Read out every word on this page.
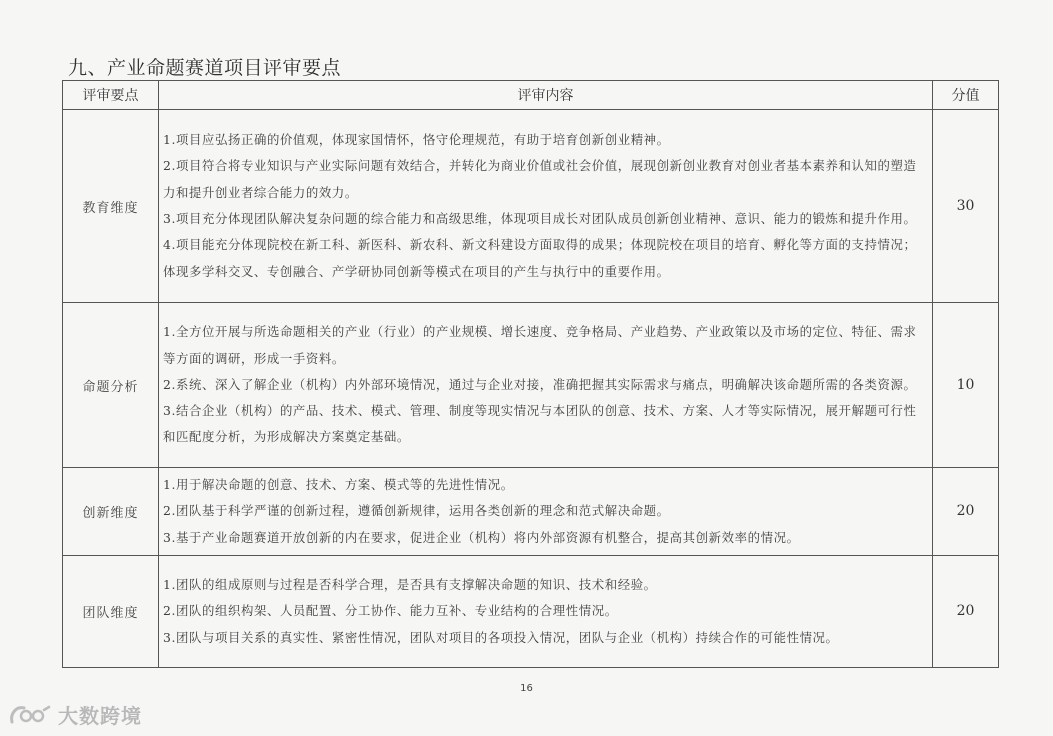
九、产业命题赛道项目评审要点
评审要点	评审内容	分值
教育维度	1.项目应弘扬正确的价值观，体现家国情怀，恪守伦理规范，有助于培育创新创业精神。
2.项目符合将专业知识与产业实际问题有效结合，并转化为商业价值或社会价值，展现创新创业教育对创业者基本素养和认知的塑造力和提升创业者综合能力的效力。
3.项目充分体现团队解决复杂问题的综合能力和高级思维，体现项目成长对团队成员创新创业精神、意识、能力的锻炼和提升作用。
4.项目能充分体现院校在新工科、新医科、新农科、新文科建设方面取得的成果；体现院校在项目的培育、孵化等方面的支持情况；体现多学科交叉、专创融合、产学研协同创新等模式在项目的产生与执行中的重要作用。	30
命题分析	1.全方位开展与所选命题相关的产业（行业）的产业规模、增长速度、竞争格局、产业趋势、产业政策以及市场的定位、特征、需求等方面的调研，形成一手资料。
2.系统、深入了解企业（机构）内外部环境情况，通过与企业对接，准确把握其实际需求与痛点，明确解决该命题所需的各类资源。
3.结合企业（机构）的产品、技术、模式、管理、制度等现实情况与本团队的创意、技术、方案、人才等实际情况，展开解题可行性和匹配度分析，为形成解决方案奠定基础。	10
创新维度	1.用于解决命题的创意、技术、方案、模式等的先进性情况。
2.团队基于科学严谨的创新过程，遵循创新规律，运用各类创新的理念和范式解决命题。
3.基于产业命题赛道开放创新的内在要求，促进企业（机构）将内外部资源有机整合，提高其创新效率的情况。	20
团队维度	1.团队的组成原则与过程是否科学合理，是否具有支撑解决命题的知识、技术和经验。
2.团队的组织构架、人员配置、分工协作、能力互补、专业结构的合理性情况。
3.团队与项目关系的真实性、紧密性情况，团队对项目的各项投入情况，团队与企业（机构）持续合作的可能性情况。	20
16
大数跨境
